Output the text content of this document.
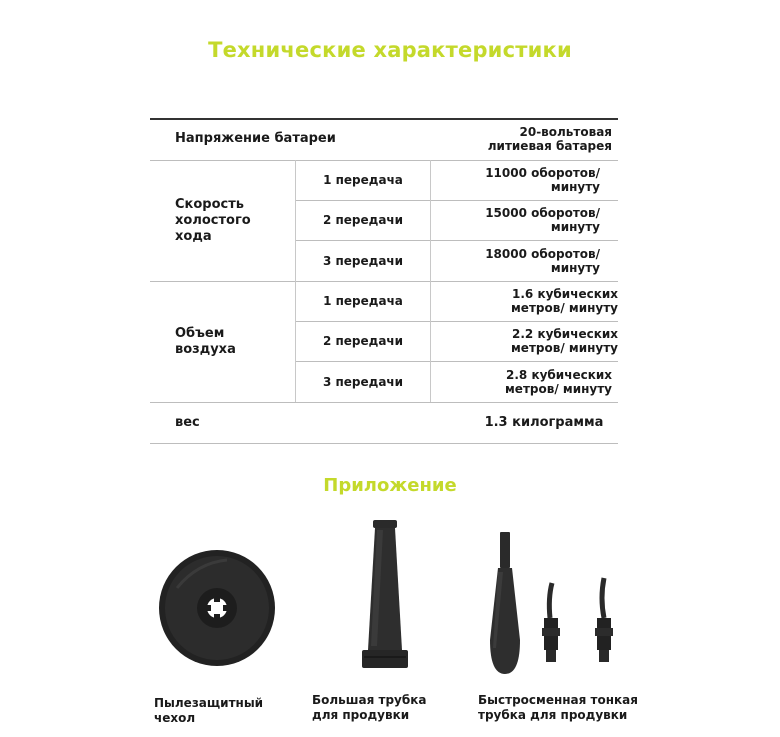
Технические характеристики
Напряжение батареи	20-вольтовая литиевая батарея
Скорость холостого хода
1 передача	11000 оборотов/ минуту
2 передачи	15000 оборотов/ минуту
3 передачи	18000 оборотов/ минуту
Объем воздуха
1 передача	1.6 кубических метров/ минуту
2 передачи	2.2 кубических метров/ минуту
3 передачи	2.8 кубических метров/ минуту
вес	1.3 килограмма
Приложение
Пылезащитный чехол
Большая трубка для продувки
Быстросменная тонкая трубка для продувки
